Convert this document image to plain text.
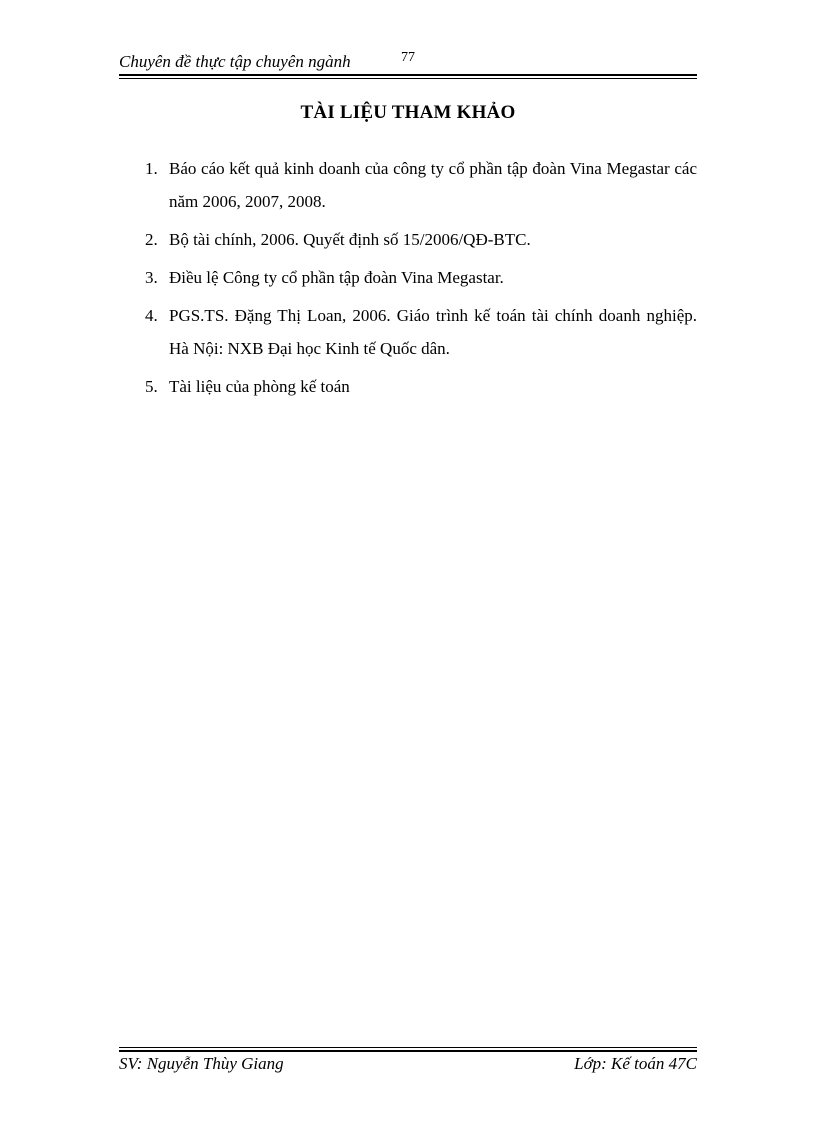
Chuyên đề thực tập chuyên ngành	77
TÀI LIỆU THAM KHẢO
1. Báo cáo kết quả kinh doanh của công ty cổ phần tập đoàn Vina Megastar các năm 2006, 2007, 2008.
2. Bộ tài chính, 2006. Quyết định số 15/2006/QĐ-BTC.
3. Điều lệ Công ty cổ phần tập đoàn Vina Megastar.
4. PGS.TS. Đặng Thị Loan, 2006. Giáo trình kế toán tài chính doanh nghiệp. Hà Nội: NXB Đại học Kinh tế Quốc dân.
5. Tài liệu của phòng kế toán
SV: Nguyễn Thùy Giang	Lớp: Kế toán 47C
